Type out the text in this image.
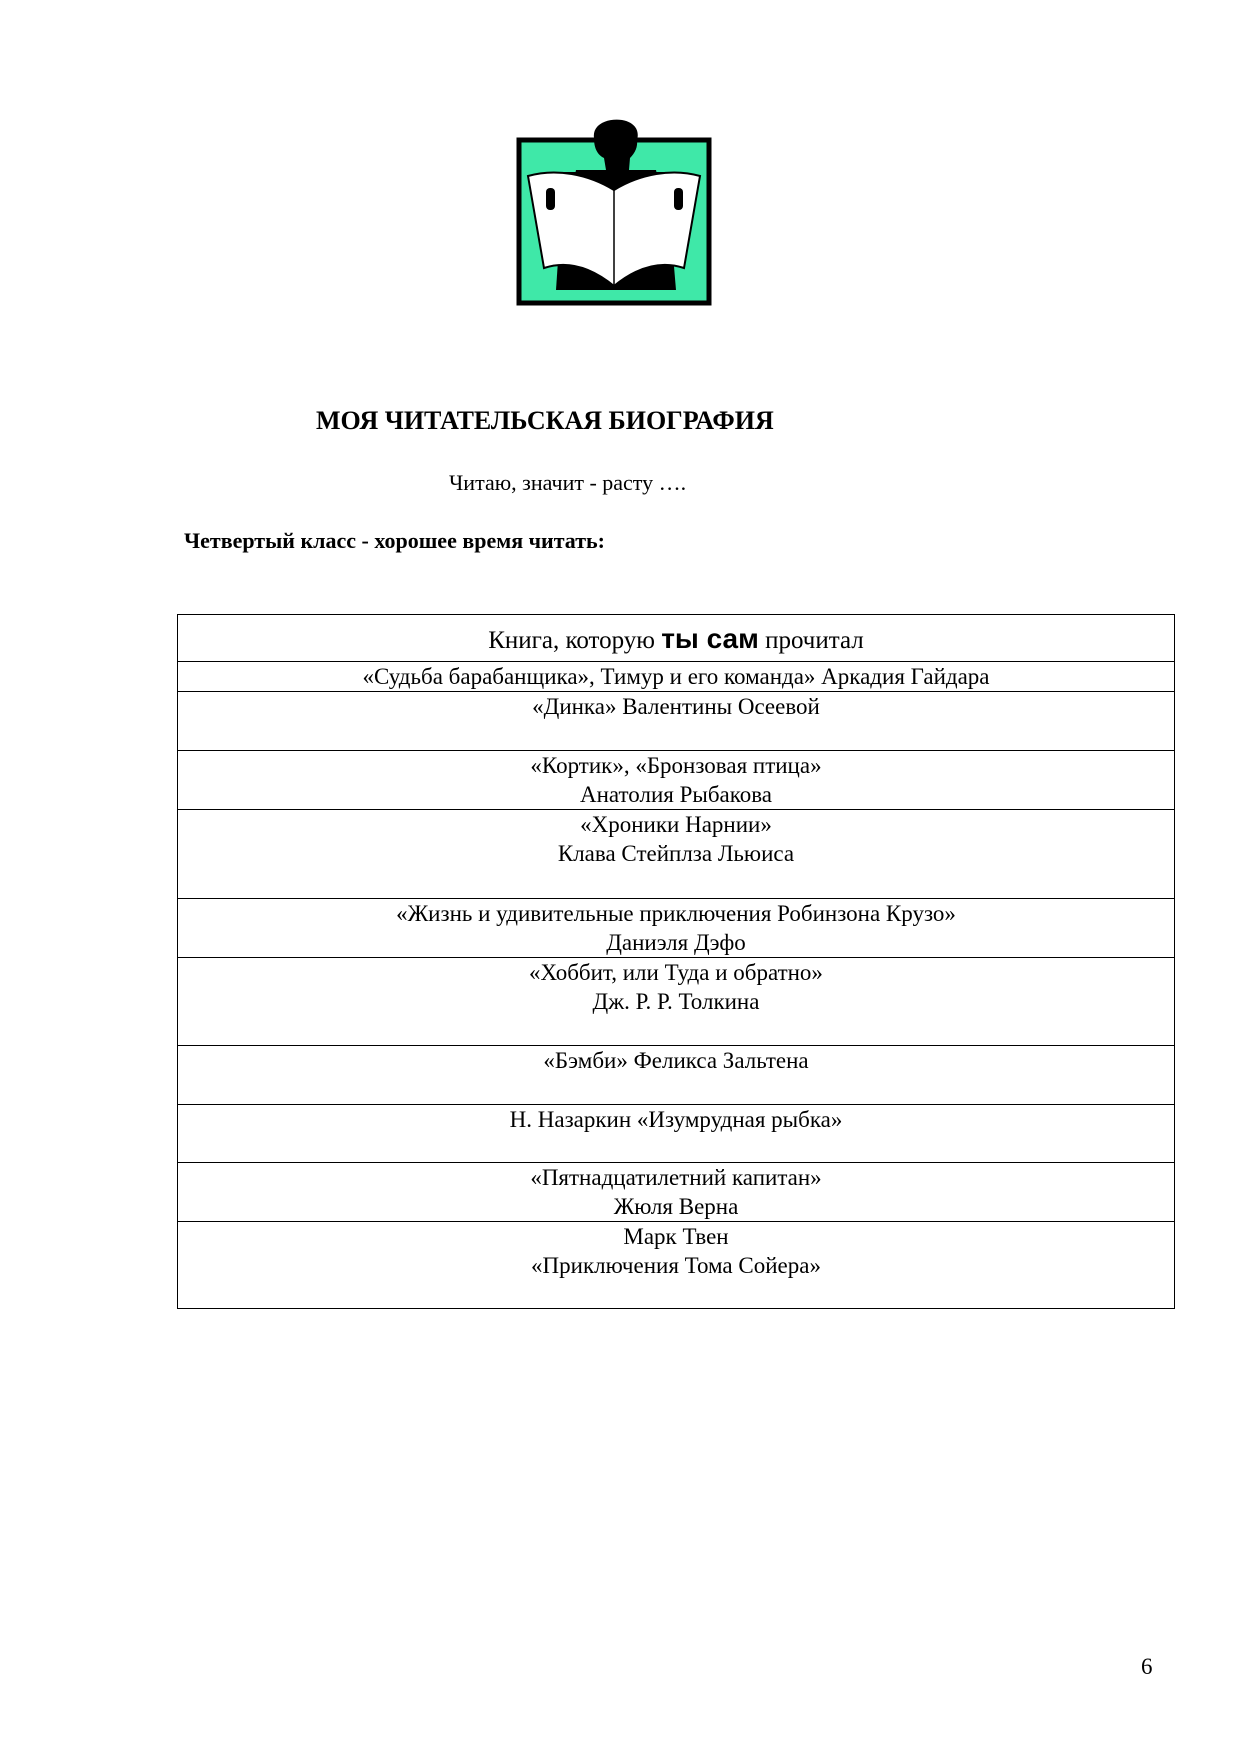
МОЯ ЧИТАТЕЛЬСКАЯ БИОГРАФИЯ
Читаю, значит - расту ….
Четвертый класс - хорошее время читать:
Книга, которую ты сам прочитал

«Судьба барабанщика», Тимур и его команда» Аркадия Гайдара

«Динка» Валентины Осеевой

«Кортик», «Бронзовая птица»
Анатолия Рыбакова

«Хроники Нарнии»
Клава Стейплза Льюиса

«Жизнь и удивительные приключения Робинзона Крузо»
Даниэля Дэфо

«Хоббит, или Туда и обратно»
Дж. Р. Р. Толкина

«Бэмби» Феликса Зальтена

Н. Назаркин «Изумрудная рыбка»

«Пятнадцатилетний капитан»
Жюля Верна

Марк Твен
«Приключения Тома Сойера»
6
